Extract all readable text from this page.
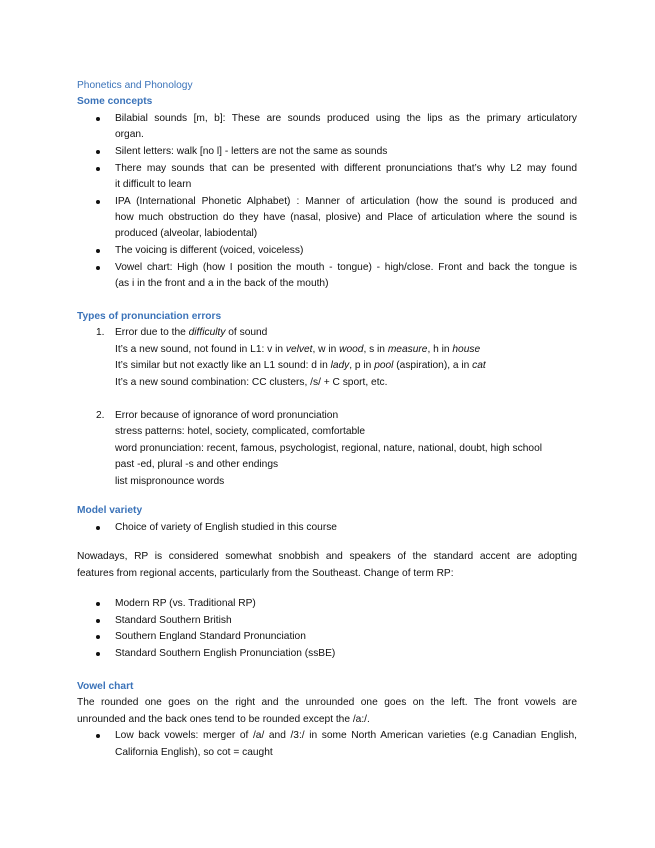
Phonetics and Phonology
Some concepts
Bilabial sounds [m, b]: These are sounds produced using the lips as the primary articulatory
organ.
Silent letters: walk [no l] - letters are not the same as sounds
There may sounds that can be presented with different pronunciations that’s why L2 may found
it difficult to learn
IPA (International Phonetic Alphabet) : Manner of articulation (how the sound is produced and
how much obstruction do they have (nasal, plosive) and Place of articulation where the sound is
produced (alveolar, labiodental)
The voicing is different (voiced, voiceless)
Vowel chart: High (how I position the mouth - tongue) - high/close. Front and back the tongue is
(as i in the front and a in the back of the mouth)
Types of pronunciation errors
1. Error due to the difficulty of sound
It’s a new sound, not found in L1: v in velvet, w in wood, s in measure, h in house
It’s similar but not exactly like an L1 sound: d in lady, p in pool (aspiration), a in cat
It’s a new sound combination: CC clusters, /s/ + C sport, etc.
2. Error because of ignorance of word pronunciation
stress patterns: hotel, society, complicated, comfortable
word pronunciation: recent, famous, psychologist, regional, nature, national, doubt, high school
past -ed, plural -s and other endings
list mispronounce words
Model variety
Choice of variety of English studied in this course
Nowadays, RP is considered somewhat snobbish and speakers of the standard accent are adopting
features from regional accents, particularly from the Southeast. Change of term RP:
Modern RP (vs. Traditional RP)
Standard Southern British
Southern England Standard Pronunciation
Standard Southern English Pronunciation (ssBE)
Vowel chart
The rounded one goes on the right and the unrounded one goes on the left. The front vowels are
unrounded and the back ones tend to be rounded except the /a:/.
Low back vowels: merger of /a/ and /3:/ in some North American varieties (e.g Canadian English,
California English), so cot = caught
